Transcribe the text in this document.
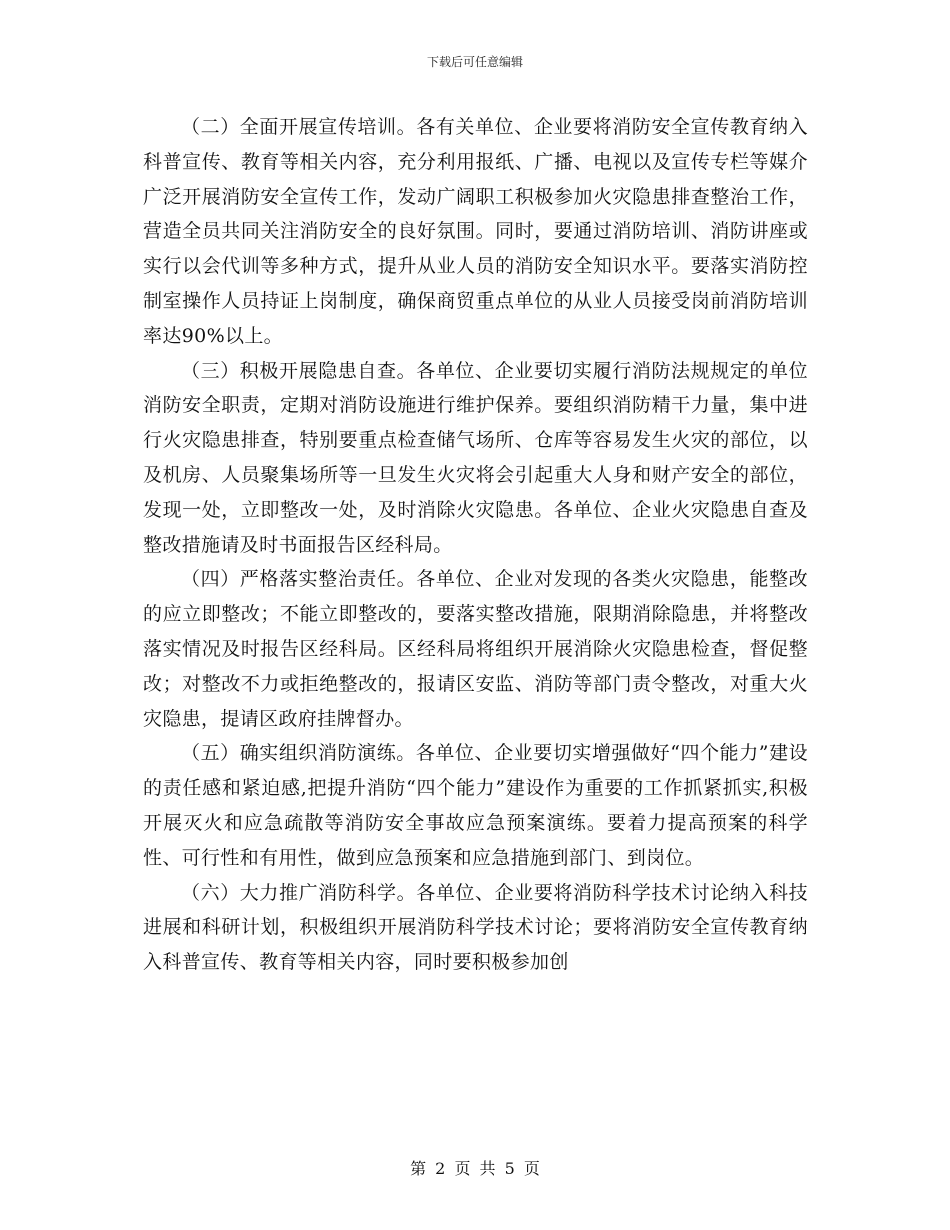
下载后可任意编辑

（二）全面开展宣传培训。各有关单位、企业要将消防安全宣传教育纳入科普宣传、教育等相关内容，充分利用报纸、广播、电视以及宣传专栏等媒介广泛开展消防安全宣传工作，发动广阔职工积极参加火灾隐患排查整治工作，营造全员共同关注消防安全的良好氛围。同时，要通过消防培训、消防讲座或实行以会代训等多种方式，提升从业人员的消防安全知识水平。要落实消防控制室操作人员持证上岗制度，确保商贸重点单位的从业人员接受岗前消防培训率达90%以上。

（三）积极开展隐患自查。各单位、企业要切实履行消防法规规定的单位消防安全职责，定期对消防设施进行维护保养。要组织消防精干力量，集中进行火灾隐患排查，特别要重点检查储气场所、仓库等容易发生火灾的部位，以及机房、人员聚集场所等一旦发生火灾将会引起重大人身和财产安全的部位，发现一处，立即整改一处，及时消除火灾隐患。各单位、企业火灾隐患自查及整改措施请及时书面报告区经科局。

（四）严格落实整治责任。各单位、企业对发现的各类火灾隐患，能整改的应立即整改；不能立即整改的，要落实整改措施，限期消除隐患，并将整改落实情况及时报告区经科局。区经科局将组织开展消除火灾隐患检查，督促整改；对整改不力或拒绝整改的，报请区安监、消防等部门责令整改，对重大火灾隐患，提请区政府挂牌督办。

（五）确实组织消防演练。各单位、企业要切实增强做好“四个能力”建设的责任感和紧迫感,把提升消防“四个能力”建设作为重要的工作抓紧抓实,积极开展灭火和应急疏散等消防安全事故应急预案演练。要着力提高预案的科学性、可行性和有用性，做到应急预案和应急措施到部门、到岗位。

（六）大力推广消防科学。各单位、企业要将消防科学技术讨论纳入科技进展和科研计划，积极组织开展消防科学技术讨论；要将消防安全宣传教育纳入科普宣传、教育等相关内容，同时要积极参加创

第 2 页 共 5 页
